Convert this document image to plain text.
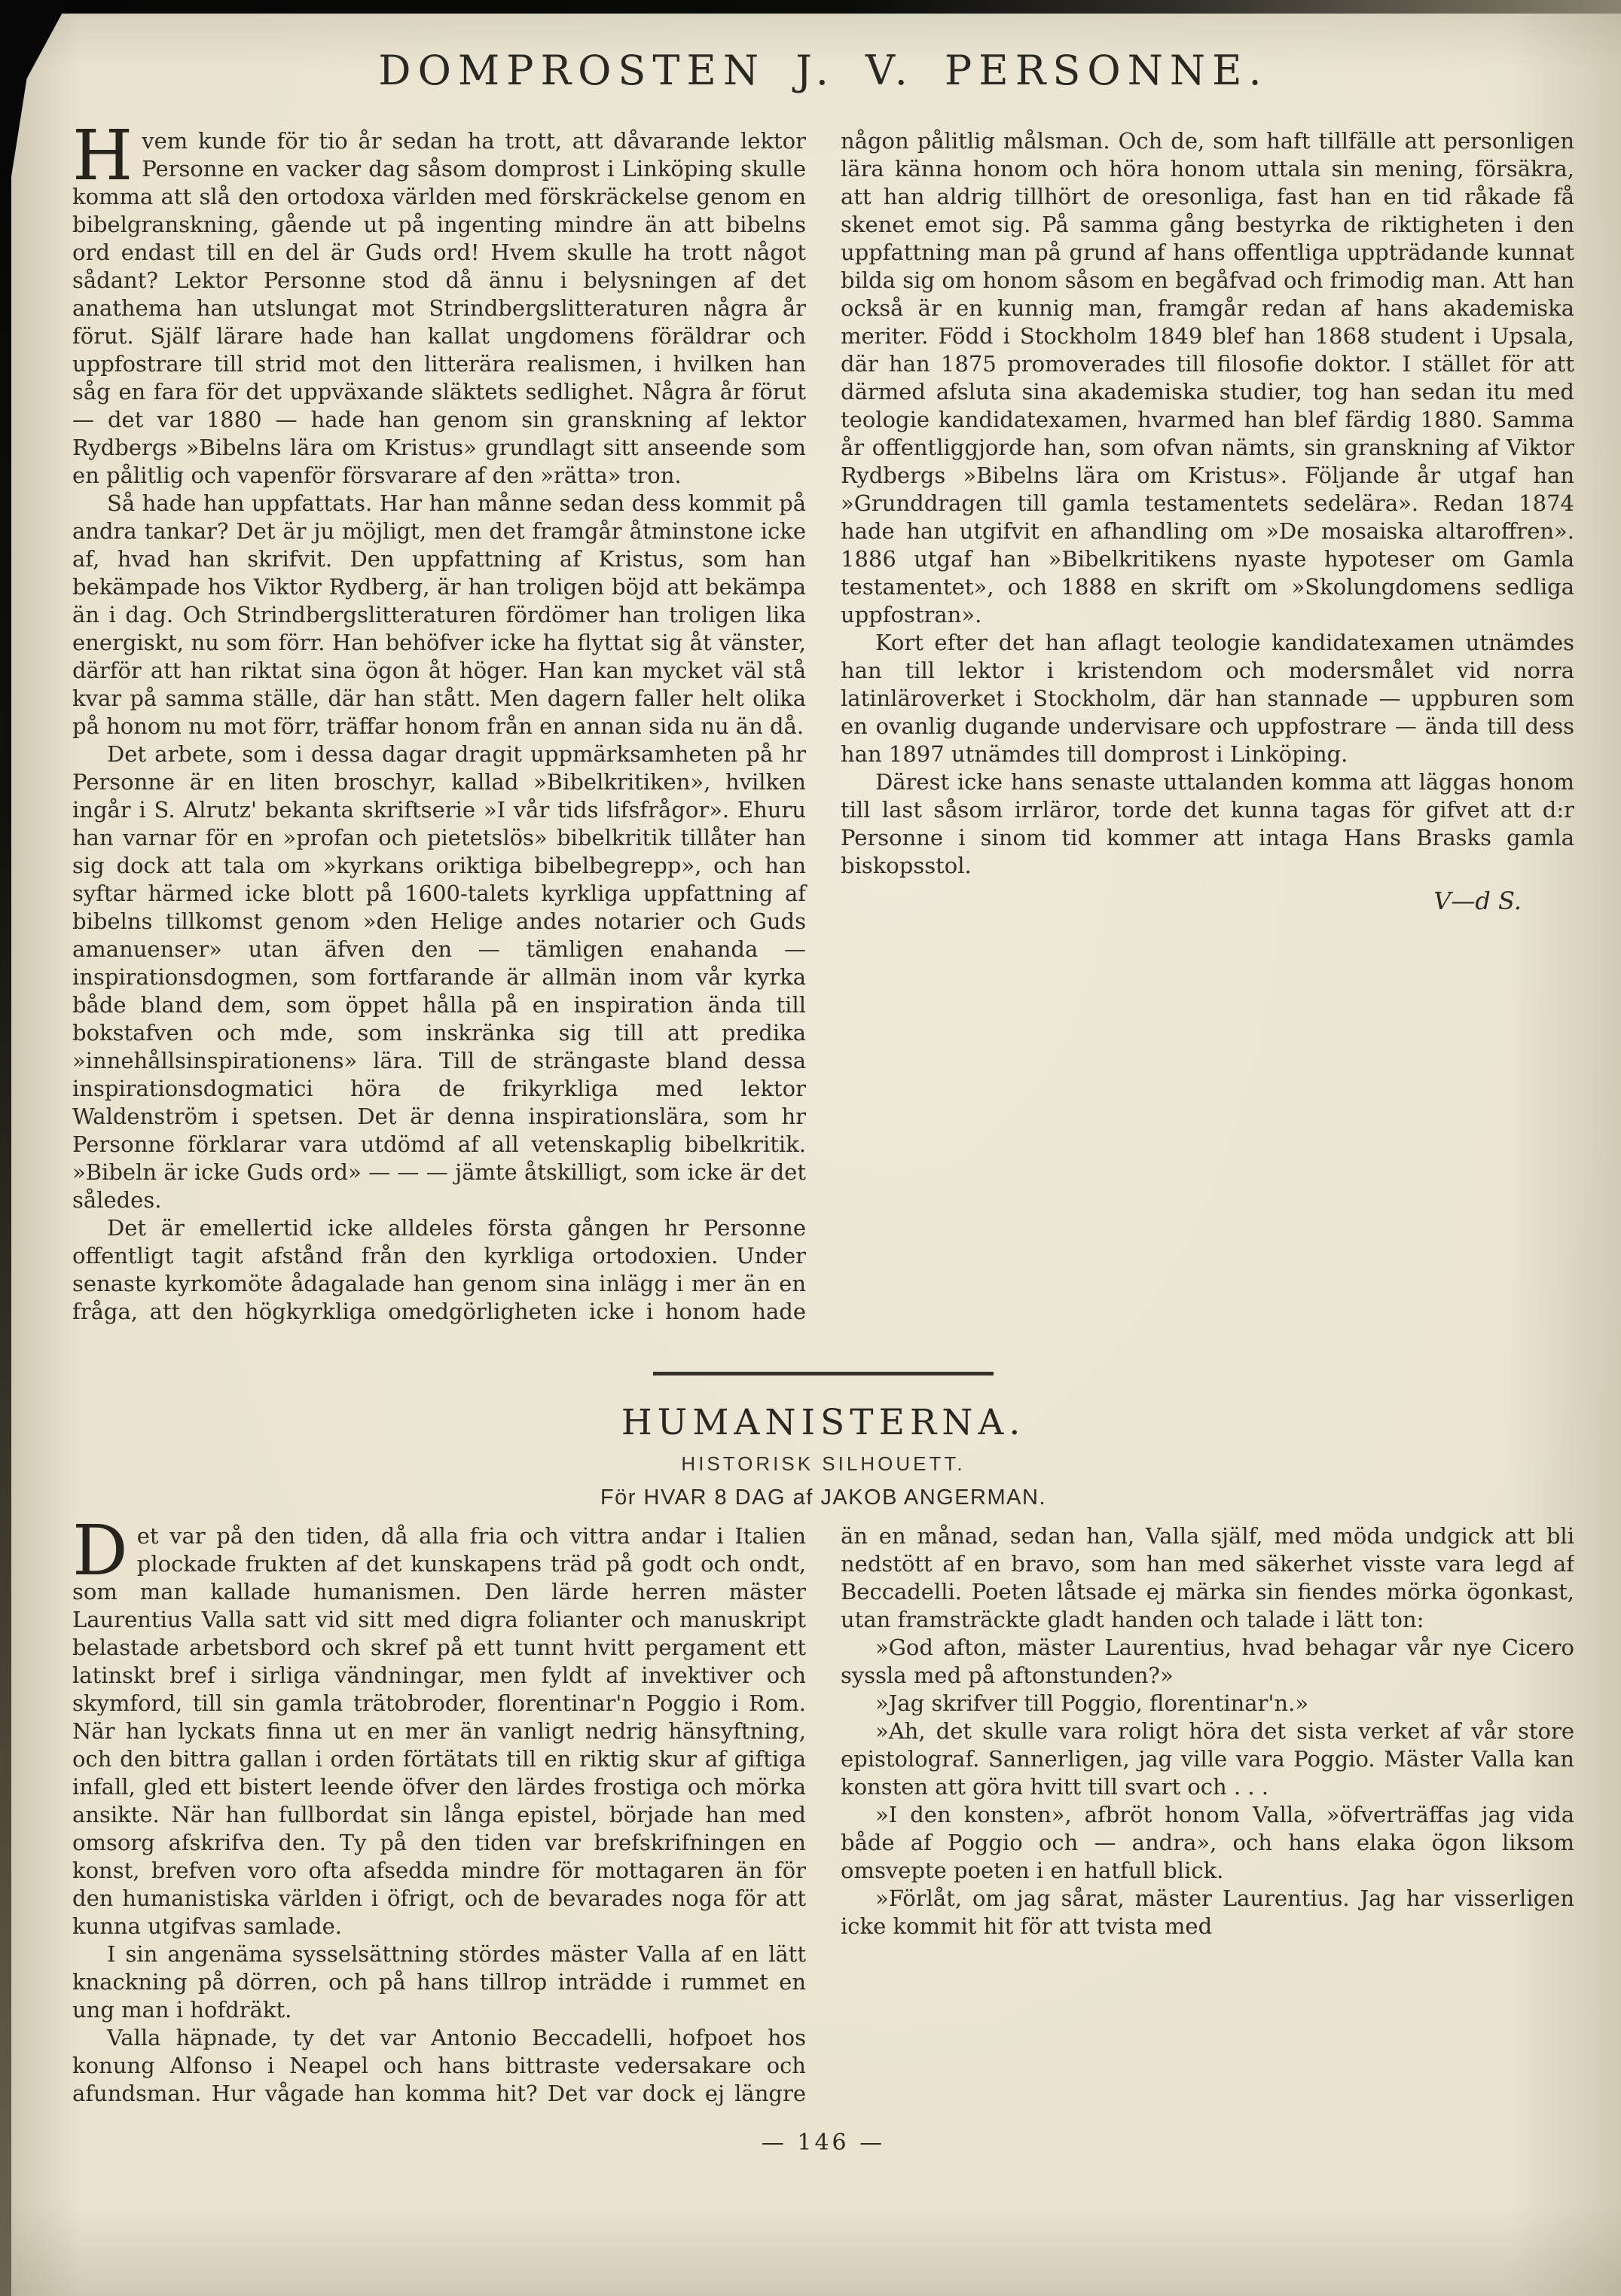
DOMPROSTEN J. V. PERSONNE.

Hvem kunde för tio år sedan ha trott, att dåvarande lektor Personne en vacker dag såsom domprost i Linköping skulle komma att slå den ortodoxa världen med förskräckelse genom en bibelgranskning, gående ut på ingenting mindre än att bibelns ord endast till en del är Guds ord! Hvem skulle ha trott något sådant? Lektor Personne stod då ännu i belysningen af det anathema han utslungat mot Strindbergslitteraturen några år förut. Själf lärare hade han kallat ungdomens föräldrar och uppfostrare till strid mot den litterära realismen, i hvilken han såg en fara för det uppväxande släktets sedlighet. Några år förut — det var 1880 — hade han genom sin granskning af lektor Rydbergs »Bibelns lära om Kristus» grundlagt sitt anseende som en pålitlig och vapenför försvarare af den »rätta» tron.

Så hade han uppfattats. Har han månne sedan dess kommit på andra tankar? Det är ju möjligt, men det framgår åtminstone icke af, hvad han skrifvit. Den uppfattning af Kristus, som han bekämpade hos Viktor Rydberg, är han troligen böjd att bekämpa än i dag. Och Strindbergslitteraturen fördömer han troligen lika energiskt, nu som förr. Han behöfver icke ha flyttat sig åt vänster, därför att han riktat sina ögon åt höger. Han kan mycket väl stå kvar på samma ställe, där han stått. Men dagern faller helt olika på honom nu mot förr, träffar honom från en annan sida nu än då.

Det arbete, som i dessa dagar dragit uppmärksamheten på hr Personne är en liten broschyr, kallad »Bibelkritiken», hvilken ingår i S. Alrutz' bekanta skriftserie »I vår tids lifsfrågor». Ehuru han varnar för en »profan och pietetslös» bibelkritik tillåter han sig dock att tala om »kyrkans oriktiga bibelbegrepp», och han syftar härmed icke blott på 1600-talets kyrkliga uppfattning af bibelns tillkomst genom »den Helige andes notarier och Guds amanuenser» utan äfven den — tämligen enahanda — inspirationsdogmen, som fortfarande är allmän inom vår kyrka både bland dem, som öppet hålla på en inspiration ända till bokstafven och mde, som inskränka sig till att predika »innehållsinspirationens» lära. Till de strängaste bland dessa inspirationsdogmatici höra de frikyrkliga med lektor Waldenström i spetsen. Det är denna inspirationslära, som hr Personne förklarar vara utdömd af all vetenskaplig bibelkritik. »Bibeln är icke Guds ord» — — — jämte åtskilligt, som icke är det således.

Det är emellertid icke alldeles första gången hr Personne offentligt tagit afstånd från den kyrkliga ortodoxien. Under senaste kyrkomöte ådagalade han genom sina inlägg i mer än en fråga, att den högkyrkliga omedgörligheten icke i honom hade någon pålitlig målsman. Och de, som haft tillfälle att personligen lära känna honom och höra honom uttala sin mening, försäkra, att han aldrig tillhört de oresonliga, fast han en tid råkade få skenet emot sig. På samma gång bestyrka de riktigheten i den uppfattning man på grund af hans offentliga uppträdande kunnat bilda sig om honom såsom en begåfvad och frimodig man. Att han också är en kunnig man, framgår redan af hans akademiska meriter. Född i Stockholm 1849 blef han 1868 student i Upsala, där han 1875 promoverades till filosofie doktor. I stället för att därmed afsluta sina akademiska studier, tog han sedan itu med teologie kandidatexamen, hvarmed han blef färdig 1880. Samma år offentliggjorde han, som ofvan nämts, sin granskning af Viktor Rydbergs »Bibelns lära om Kristus». Följande år utgaf han »Grunddragen till gamla testamentets sedelära». Redan 1874 hade han utgifvit en afhandling om »De mosaiska altaroffren». 1886 utgaf han »Bibelkritikens nyaste hypoteser om Gamla testamentet», och 1888 en skrift om »Skolungdomens sedliga uppfostran».

Kort efter det han aflagt teologie kandidatexamen utnämdes han till lektor i kristendom och modersmålet vid norra latinläroverket i Stockholm, där han stannade — uppburen som en ovanlig dugande undervisare och uppfostrare — ända till dess han 1897 utnämdes till domprost i Linköping.

Därest icke hans senaste uttalanden komma att läggas honom till last såsom irrläror, torde det kunna tagas för gifvet att d:r Personne i sinom tid kommer att intaga Hans Brasks gamla biskopsstol.

V—d S.

HUMANISTERNA.
HISTORISK SILHOUETT.
För HVAR 8 DAG af JAKOB ANGERMAN.

Det var på den tiden, då alla fria och vittra andar i Italien plockade frukten af det kunskapens träd på godt och ondt, som man kallade humanismen. Den lärde herren mäster Laurentius Valla satt vid sitt med digra folianter och manuskript belastade arbetsbord och skref på ett tunnt hvitt pergament ett latinskt bref i sirliga vändningar, men fyldt af invektiver och skymford, till sin gamla trätobroder, florentinar'n Poggio i Rom. När han lyckats finna ut en mer än vanligt nedrig hänsyftning, och den bittra gallan i orden förtätats till en riktig skur af giftiga infall, gled ett bistert leende öfver den lärdes frostiga och mörka ansikte. När han fullbordat sin långa epistel, började han med omsorg afskrifva den. Ty på den tiden var brefskrifningen en konst, brefven voro ofta afsedda mindre för mottagaren än för den humanistiska världen i öfrigt, och de bevarades noga för att kunna utgifvas samlade.

I sin angenäma sysselsättning stördes mäster Valla af en lätt knackning på dörren, och på hans tillrop inträdde i rummet en ung man i hofdräkt.

Valla häpnade, ty det var Antonio Beccadelli, hofpoet hos konung Alfonso i Neapel och hans bittraste vedersakare och afundsman. Hur vågade han komma hit? Det var dock ej längre än en månad, sedan han, Valla själf, med möda undgick att bli nedstött af en bravo, som han med säkerhet visste vara legd af Beccadelli. Poeten låtsade ej märka sin fiendes mörka ögonkast, utan framsträckte gladt handen och talade i lätt ton:

»God afton, mäster Laurentius, hvad behagar vår nye Cicero syssla med på aftonstunden?»

»Jag skrifver till Poggio, florentinar'n.»

»Ah, det skulle vara roligt höra det sista verket af vår store epistolograf. Sannerligen, jag ville vara Poggio. Mäster Valla kan konsten att göra hvitt till svart och . . .

»I den konsten», afbröt honom Valla, »öfverträffas jag vida både af Poggio och — andra», och hans elaka ögon liksom omsvepte poeten i en hatfull blick.

»Förlåt, om jag sårat, mäster Laurentius. Jag har visserligen icke kommit hit för att tvista med

— 146 —
